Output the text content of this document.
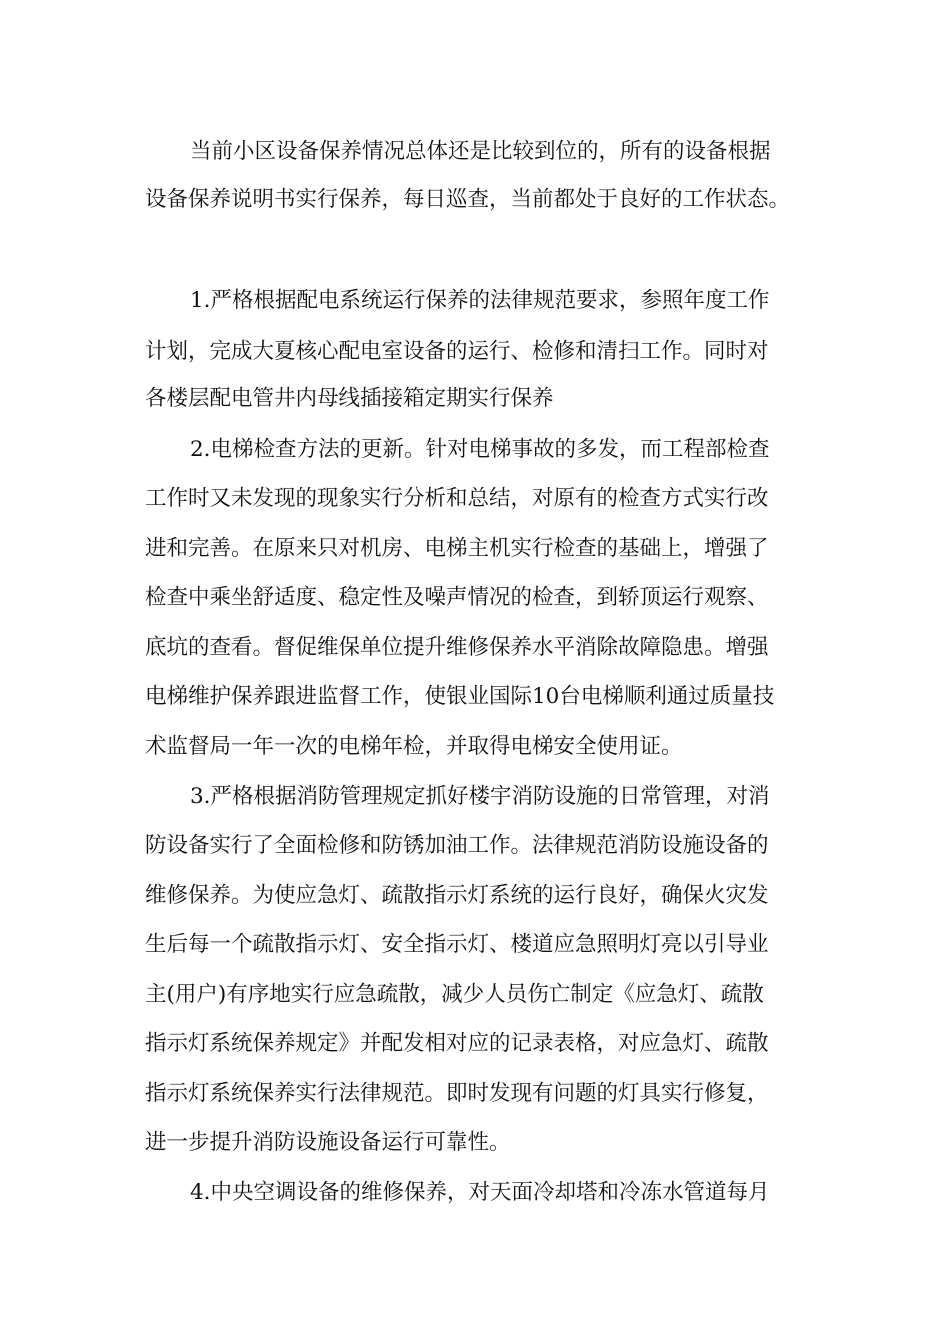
当前小区设备保养情况总体还是比较到位的，所有的设备根据

设备保养说明书实行保养，每日巡查，当前都处于良好的工作状态。

1.严格根据配电系统运行保养的法律规范要求，参照年度工作

计划，完成大夏核心配电室设备的运行、检修和清扫工作。同时对

各楼层配电管井内母线插接箱定期实行保养

2.电梯检查方法的更新。针对电梯事故的多发，而工程部检查

工作时又未发现的现象实行分析和总结，对原有的检查方式实行改

进和完善。在原来只对机房、电梯主机实行检查的基础上，增强了

检查中乘坐舒适度、稳定性及噪声情况的检查，到轿顶运行观察、

底坑的查看。督促维保单位提升维修保养水平消除故障隐患。增强

电梯维护保养跟进监督工作，使银业国际10台电梯顺利通过质量技

术监督局一年一次的电梯年检，并取得电梯安全使用证。

3.严格根据消防管理规定抓好楼宇消防设施的日常管理，对消

防设备实行了全面检修和防锈加油工作。法律规范消防设施设备的

维修保养。为使应急灯、疏散指示灯系统的运行良好，确保火灾发

生后每一个疏散指示灯、安全指示灯、楼道应急照明灯亮以引导业

主(用户)有序地实行应急疏散，减少人员伤亡制定《应急灯、疏散

指示灯系统保养规定》并配发相对应的记录表格，对应急灯、疏散

指示灯系统保养实行法律规范。即时发现有问题的灯具实行修复，

进一步提升消防设施设备运行可靠性。

4.中央空调设备的维修保养，对天面冷却塔和冷冻水管道每月
